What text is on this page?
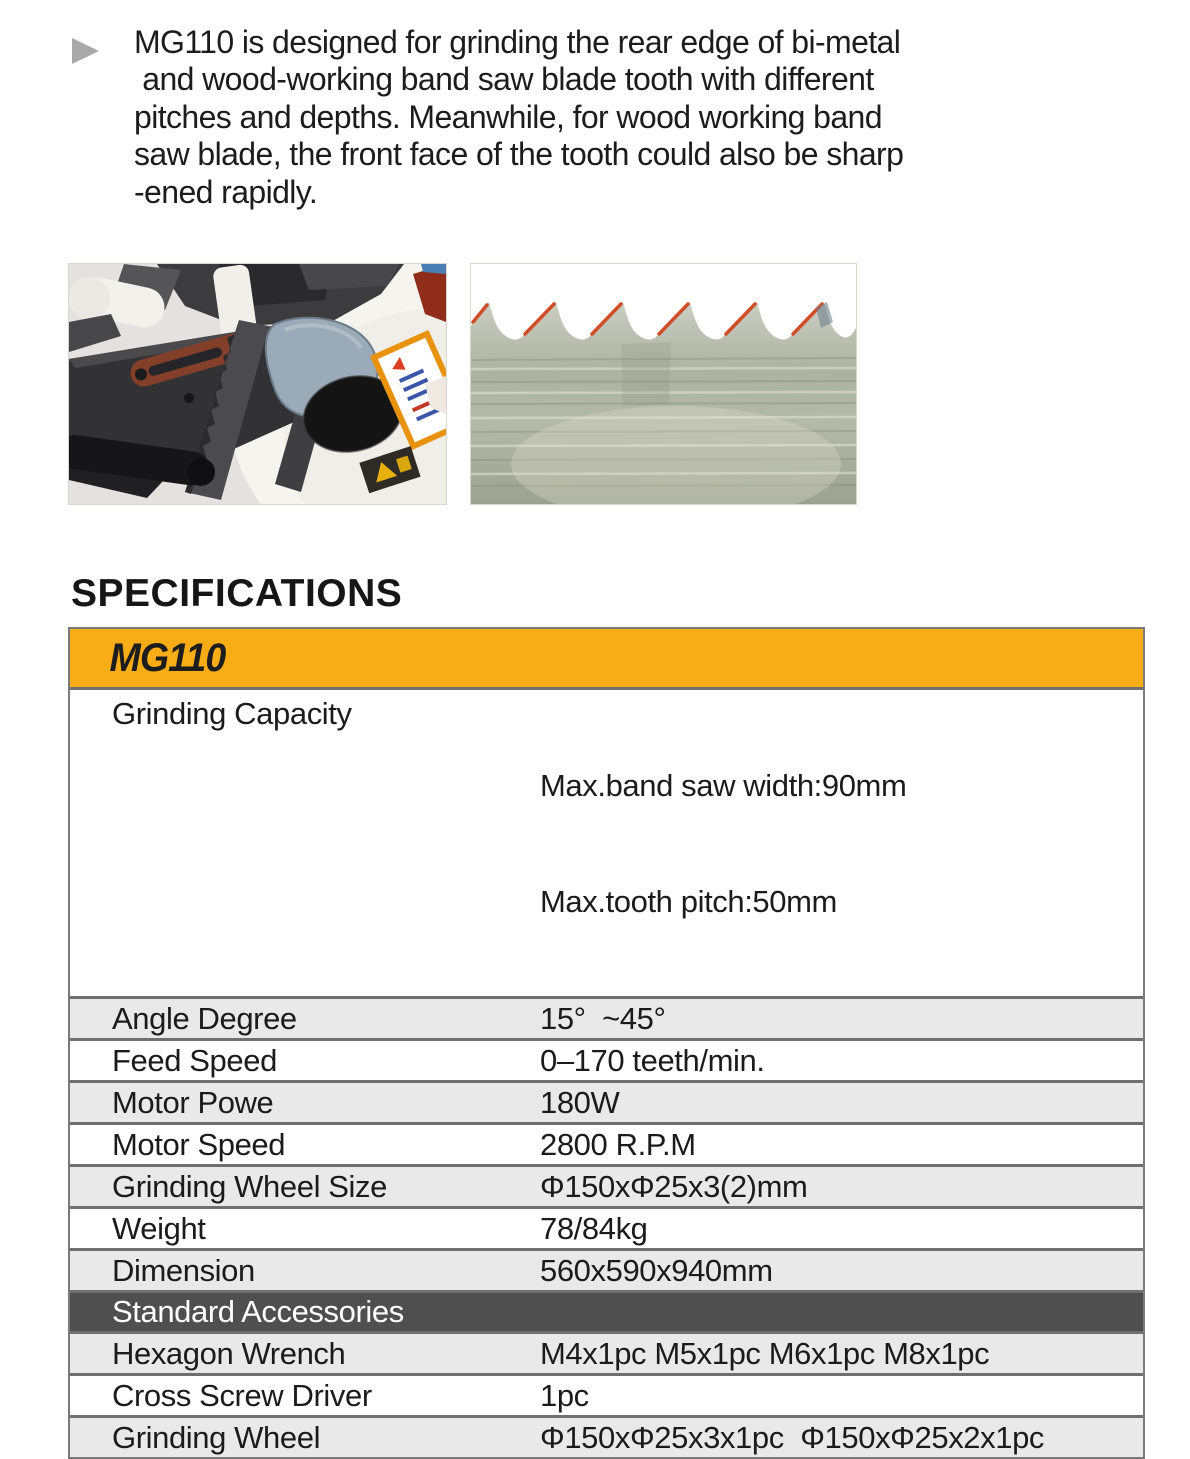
MG110 is designed for grinding the rear edge of bi-metal
and wood-working band saw blade tooth with different
pitches and depths. Meanwhile, for wood working band
saw blade, the front face of the tooth could also be sharp
-ened rapidly.
SPECIFICATIONS
MG110
Grinding Capacity

Max.band saw width:90mm

Max.tooth pitch:50mm

Angle Degree	15°  ~45°
Feed Speed	0–170 teeth/min.
Motor Powe	180W
Motor Speed	2800 R.P.M
Grinding Wheel Size	Φ150xΦ25x3(2)mm
Weight	78/84kg
Dimension	560x590x940mm
Standard Accessories
Hexagon Wrench	M4x1pc M5x1pc M6x1pc M8x1pc
Cross Screw Driver	1pc
Grinding Wheel	Φ150xΦ25x3x1pc  Φ150xΦ25x2x1pc
